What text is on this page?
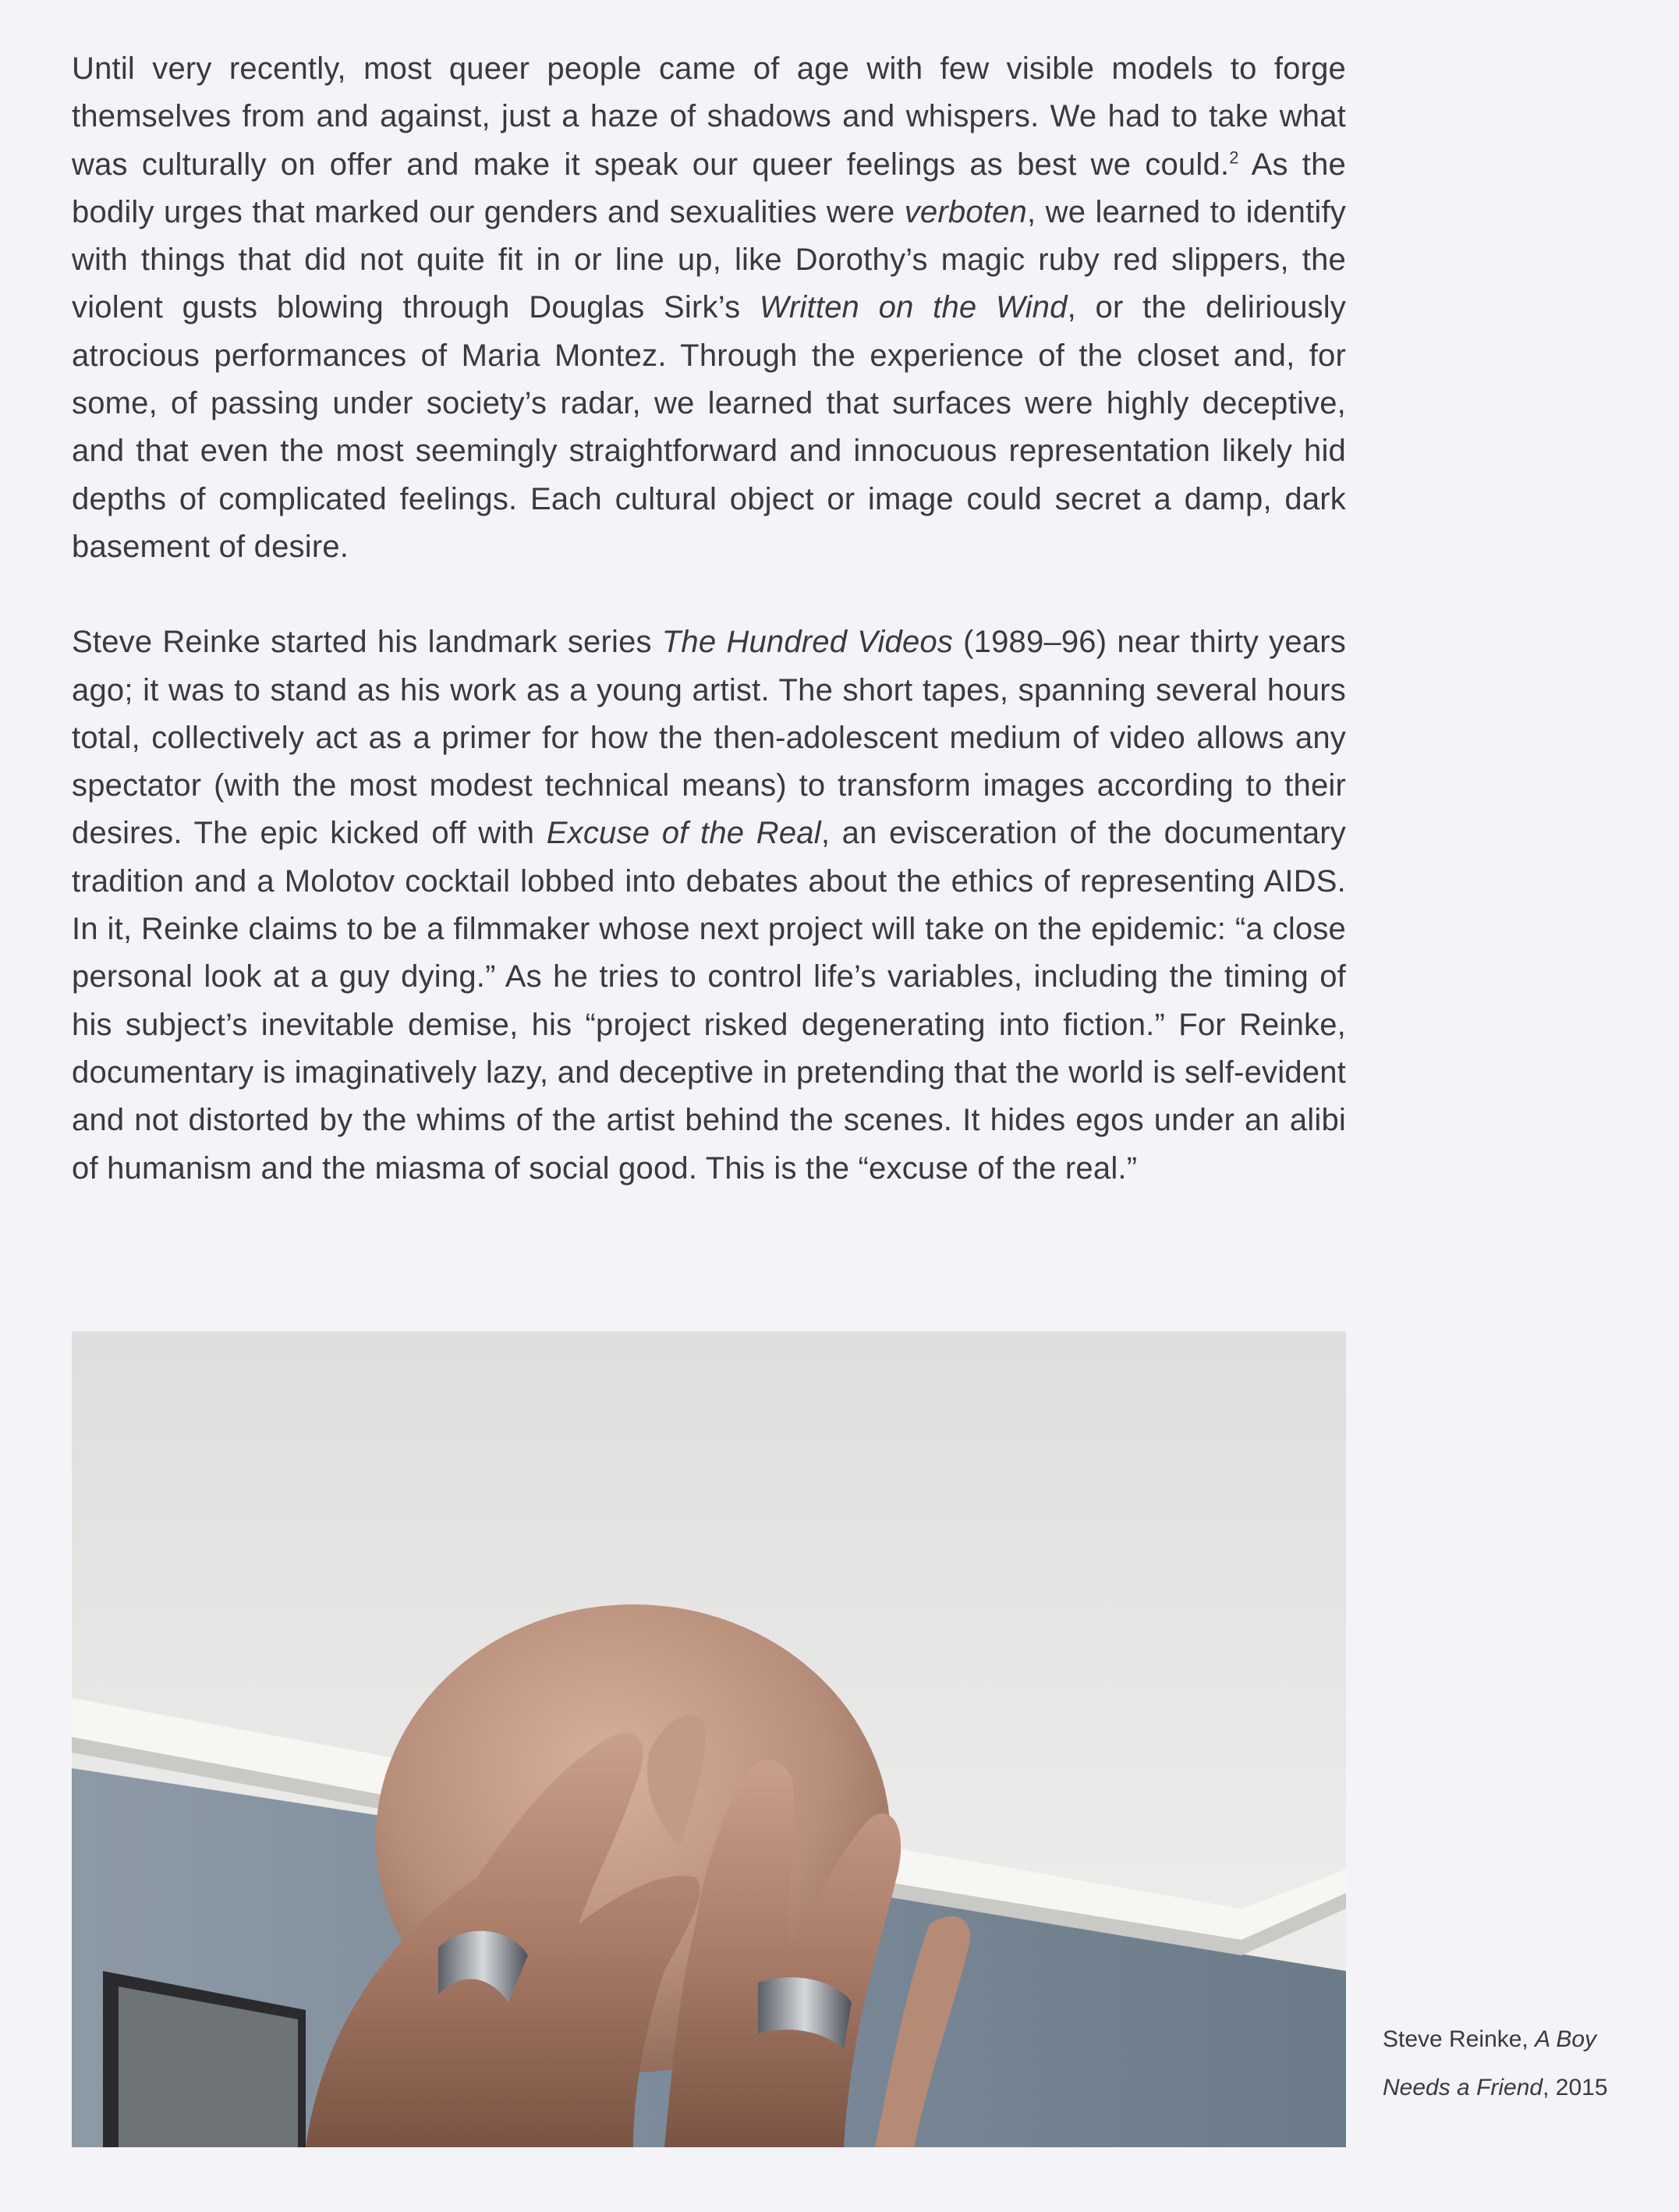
Until very recently, most queer people came of age with few visible models to forge themselves from and against, just a haze of shadows and whispers. We had to take what was culturally on offer and make it speak our queer feelings as best we could.$^2$ As the bodily urges that marked our genders and sexualities were verboten, we learned to identify with things that did not quite fit in or line up, like Dorothy’s magic ruby red slippers, the violent gusts blowing through Douglas Sirk’s Written on the Wind, or the deliriously atrocious performances of Maria Montez. Through the experience of the closet and, for some, of passing under society’s radar, we learned that surfaces were highly deceptive, and that even the most seemingly straightforward and innocuous representation likely hid depths of complicated feelings. Each cultural object or image could secret a damp, dark basement of desire.

Steve Reinke started his landmark series The Hundred Videos (1989–96) near thirty years ago; it was to stand as his work as a young artist. The short tapes, spanning several hours total, collectively act as a primer for how the then-adolescent medium of video allows any spectator (with the most modest technical means) to transform images according to their desires. The epic kicked off with Excuse of the Real, an evisceration of the documentary tradition and a Molotov cocktail lobbed into debates about the ethics of representing AIDS. In it, Reinke claims to be a filmmaker whose next project will take on the epidemic: “a close personal look at a guy dying.” As he tries to control life’s variables, including the timing of his subject’s inevitable demise, his “project risked degenerating into fiction.” For Reinke, documentary is imaginatively lazy, and deceptive in pretending that the world is self-evident and not distorted by the whims of the artist behind the scenes. It hides egos under an alibi of humanism and the miasma of social good. This is the “excuse of the real.”

Steve Reinke, A Boy Needs a Friend, 2015
